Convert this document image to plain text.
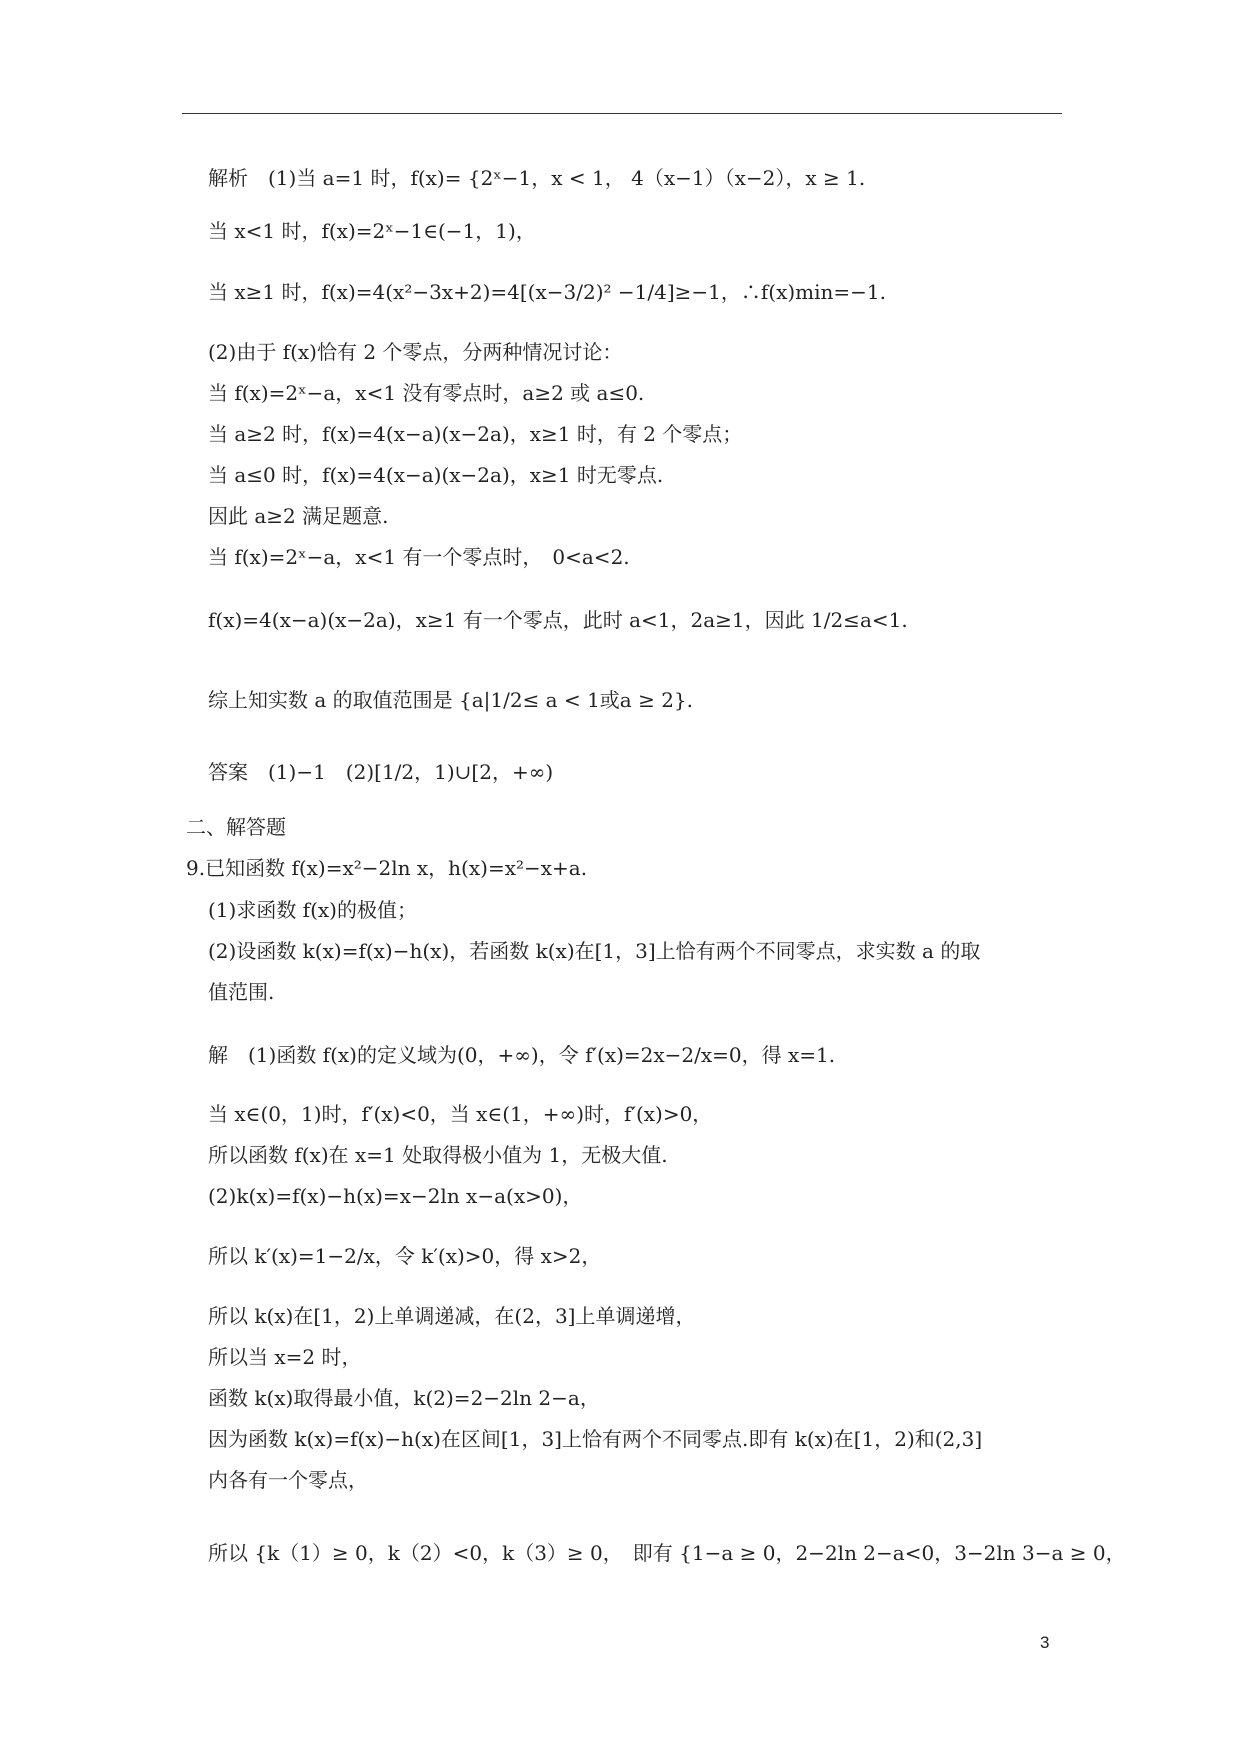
解析　(1)当 a=1 时，f(x)= {2ˣ−1，x < 1， 4（x−1）（x−2），x ≥ 1.
当 x<1 时，f(x)=2ˣ−1∈(−1，1)，
当 x≥1 时，f(x)=4(x²−3x+2)=4[(x−3/2)² −1/4]≥−1，∴f(x)min=−1.
(2)由于 f(x)恰有 2 个零点，分两种情况讨论：
当 f(x)=2ˣ−a，x<1 没有零点时，a≥2 或 a≤0.
当 a≥2 时，f(x)=4(x−a)(x−2a)，x≥1 时，有 2 个零点；
当 a≤0 时，f(x)=4(x−a)(x−2a)，x≥1 时无零点.
因此 a≥2 满足题意.
当 f(x)=2ˣ−a，x<1 有一个零点时，　0<a<2.
f(x)=4(x−a)(x−2a)，x≥1 有一个零点，此时 a<1，2a≥1，因此 1/2≤a<1.
综上知实数 a 的取值范围是 {a|1/2≤ a < 1或a ≥ 2}.
答案　(1)−1　(2)[1/2，1)∪[2，+∞)
二、解答题
9.已知函数 f(x)=x²−2ln x，h(x)=x²−x+a.
(1)求函数 f(x)的极值；
(2)设函数 k(x)=f(x)−h(x)，若函数 k(x)在[1，3]上恰有两个不同零点，求实数 a 的取
值范围.
解　(1)函数 f(x)的定义域为(0，+∞)，令 f′(x)=2x−2/x=0，得 x=1.
当 x∈(0，1)时，f′(x)<0，当 x∈(1，+∞)时，f′(x)>0，
所以函数 f(x)在 x=1 处取得极小值为 1，无极大值.
(2)k(x)=f(x)−h(x)=x−2ln x−a(x>0)，
所以 k′(x)=1−2/x，令 k′(x)>0，得 x>2，
所以 k(x)在[1，2)上单调递减，在(2，3]上单调递增，
所以当 x=2 时，
函数 k(x)取得最小值，k(2)=2−2ln 2−a，
因为函数 k(x)=f(x)−h(x)在区间[1，3]上恰有两个不同零点.即有 k(x)在[1，2)和(2,3]
内各有一个零点，
所以 {k（1）≥ 0，k（2）<0，k（3）≥ 0，　即有 {1−a ≥ 0，2−2ln 2−a<0，3−2ln 3−a ≥ 0，
3
